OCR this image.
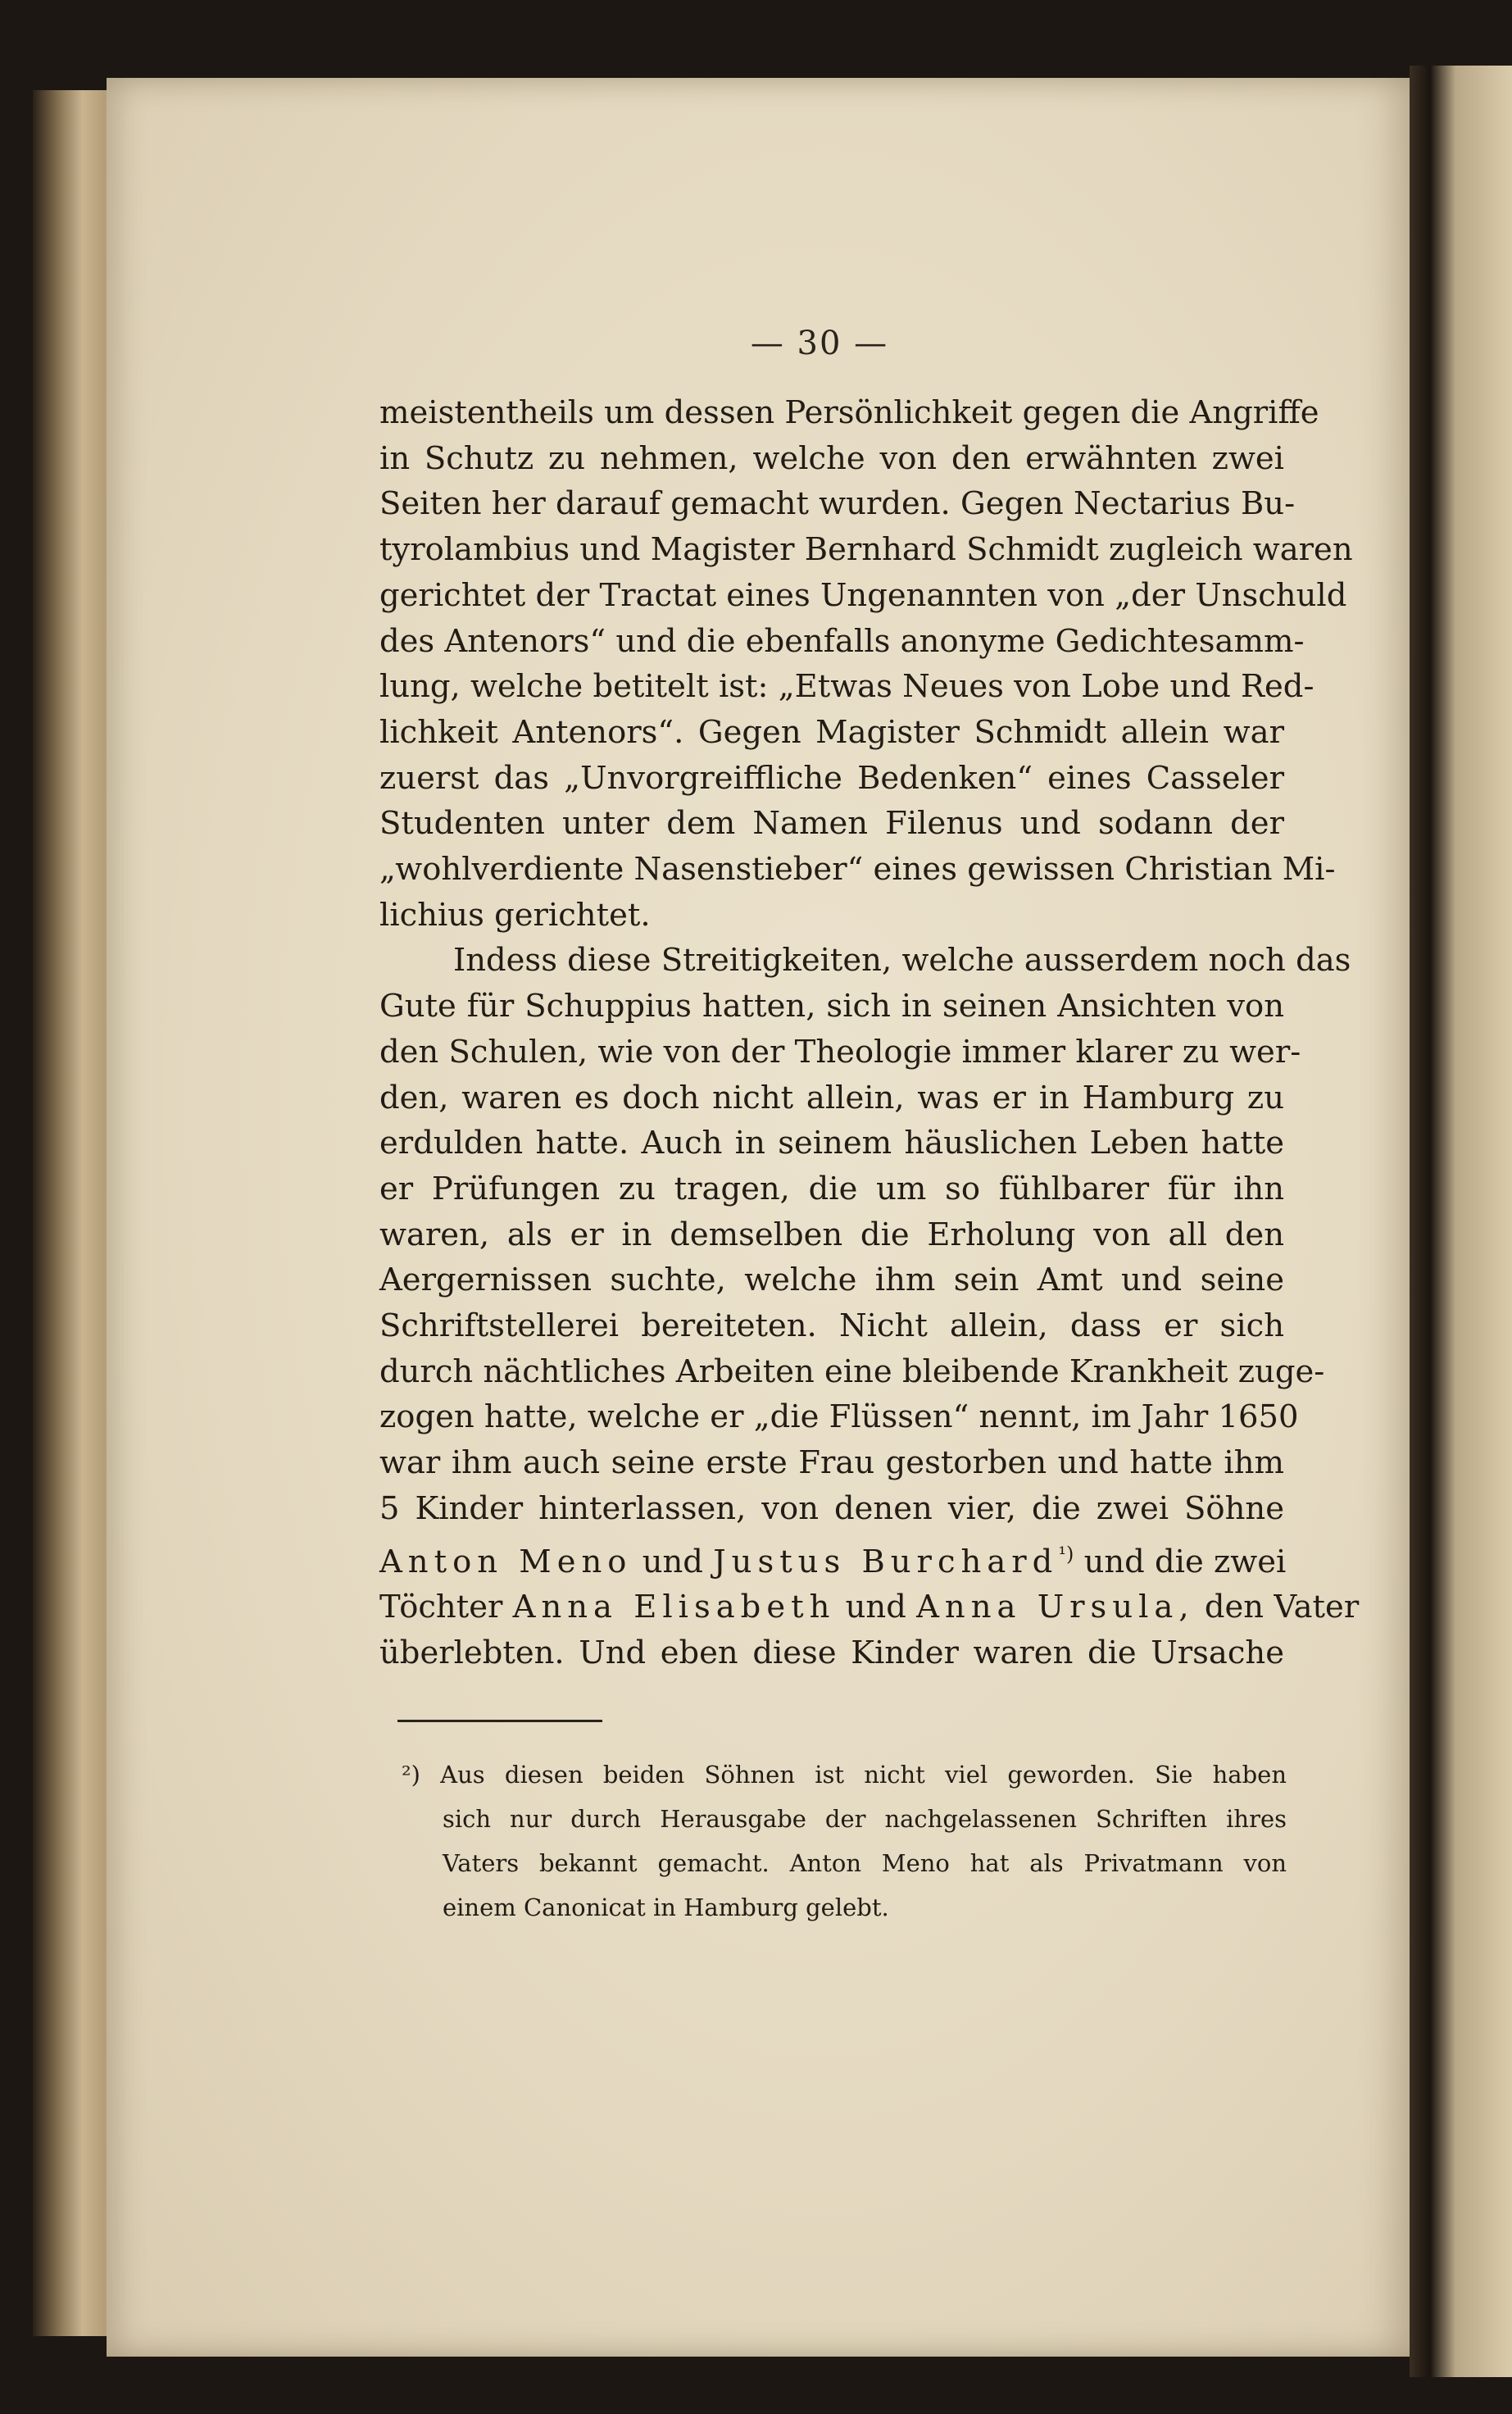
— 30 —
meistentheils um dessen Persönlichkeit gegen die Angriffe
in Schutz zu nehmen, welche von den erwähnten zwei
Seiten her darauf gemacht wurden. Gegen Nectarius Bu-
tyrolambius und Magister Bernhard Schmidt zugleich waren
gerichtet der Tractat eines Ungenannten von „der Unschuld
des Antenors“ und die ebenfalls anonyme Gedichtesamm-
lung, welche betitelt ist: „Etwas Neues von Lobe und Red-
lichkeit Antenors“. Gegen Magister Schmidt allein war
zuerst das „Unvorgreiffliche Bedenken“ eines Casseler
Studenten unter dem Namen Filenus und sodann der
„wohlverdiente Nasenstieber“ eines gewissen Christian Mi-
lichius gerichtet.
Indess diese Streitigkeiten, welche ausserdem noch das
Gute für Schuppius hatten, sich in seinen Ansichten von
den Schulen, wie von der Theologie immer klarer zu wer-
den, waren es doch nicht allein, was er in Hamburg zu
erdulden hatte. Auch in seinem häuslichen Leben hatte
er Prüfungen zu tragen, die um so fühlbarer für ihn
waren, als er in demselben die Erholung von all den
Aergernissen suchte, welche ihm sein Amt und seine
Schriftstellerei bereiteten. Nicht allein, dass er sich
durch nächtliches Arbeiten eine bleibende Krankheit zuge-
zogen hatte, welche er „die Flüssen“ nennt, im Jahr 1650
war ihm auch seine erste Frau gestorben und hatte ihm
5 Kinder hinterlassen, von denen vier, die zwei Söhne
Anton Meno und Justus Burchard$^{^1)}$ und die zwei
Töchter Anna Elisabeth und Anna Ursula, den Vater
überlebten. Und eben diese Kinder waren die Ursache
²) Aus diesen beiden Söhnen ist nicht viel geworden. Sie haben
sich nur durch Herausgabe der nachgelassenen Schriften ihres
Vaters bekannt gemacht. Anton Meno hat als Privatmann von
einem Canonicat in Hamburg gelebt.
